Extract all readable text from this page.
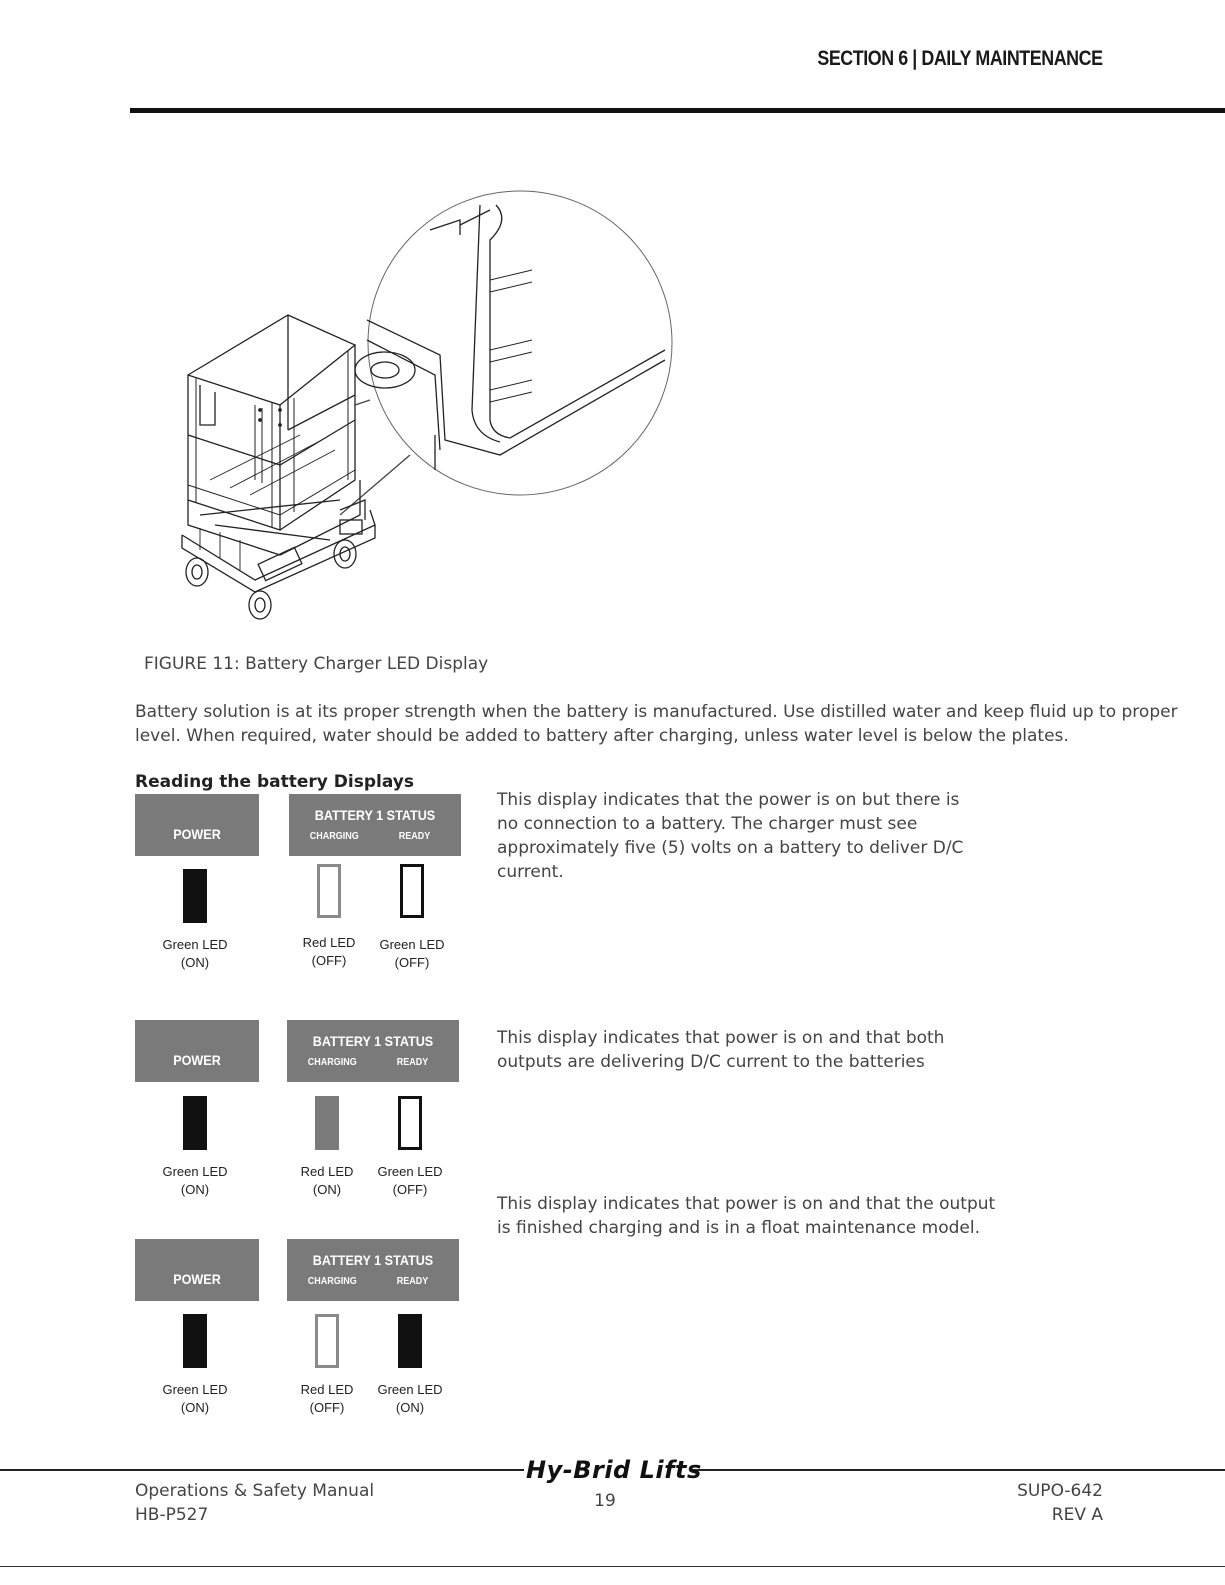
SECTION 6 | DAILY MAINTENANCE
FIGURE 11: Battery Charger LED Display
Battery solution is at its proper strength when the battery is manufactured. Use distilled water and keep fluid up to proper level. When required, water should be added to battery after charging, unless water level is below the plates.
Reading the battery Displays
POWER
BATTERY 1 STATUS
CHARGING	READY
Green LED
(ON)
Red LED
(OFF)
Green LED
(OFF)
This display indicates that the power is on but there is no connection to a battery. The charger must see approximately five (5) volts on a battery to deliver D/C current.
POWER
BATTERY 1 STATUS
CHARGING	READY
Green LED
(ON)
Red LED
(ON)
Green LED
(OFF)
This display indicates that power is on and that both outputs are delivering D/C current to the batteries
POWER
BATTERY 1 STATUS
CHARGING	READY
Green LED
(ON)
Red LED
(OFF)
Green LED
(ON)
This display indicates that power is on and that the output is finished charging and is in a float maintenance model.
Hy-Brid Lifts
Operations & Safety Manual
HB-P527
19	SUPO-642
REV A
